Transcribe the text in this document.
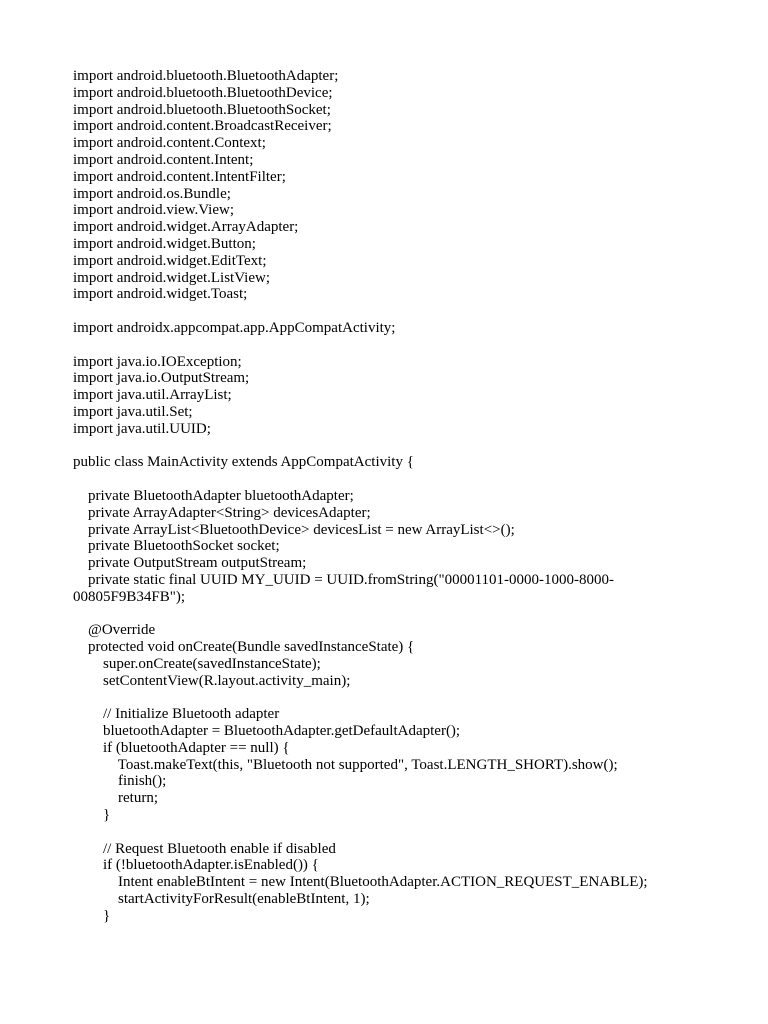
import android.bluetooth.BluetoothAdapter;
import android.bluetooth.BluetoothDevice;
import android.bluetooth.BluetoothSocket;
import android.content.BroadcastReceiver;
import android.content.Context;
import android.content.Intent;
import android.content.IntentFilter;
import android.os.Bundle;
import android.view.View;
import android.widget.ArrayAdapter;
import android.widget.Button;
import android.widget.EditText;
import android.widget.ListView;
import android.widget.Toast;
import androidx.appcompat.app.AppCompatActivity;
import java.io.IOException;
import java.io.OutputStream;
import java.util.ArrayList;
import java.util.Set;
import java.util.UUID;
public class MainActivity extends AppCompatActivity {
private BluetoothAdapter bluetoothAdapter;
private ArrayAdapter<String> devicesAdapter;
private ArrayList<BluetoothDevice> devicesList = new ArrayList<>();
private BluetoothSocket socket;
private OutputStream outputStream;
private static final UUID MY_UUID = UUID.fromString("00001101-0000-1000-8000-
00805F9B34FB");
@Override
protected void onCreate(Bundle savedInstanceState) {
super.onCreate(savedInstanceState);
setContentView(R.layout.activity_main);
// Initialize Bluetooth adapter
bluetoothAdapter = BluetoothAdapter.getDefaultAdapter();
if (bluetoothAdapter == null) {
Toast.makeText(this, "Bluetooth not supported", Toast.LENGTH_SHORT).show();
finish();
return;
}
// Request Bluetooth enable if disabled
if (!bluetoothAdapter.isEnabled()) {
Intent enableBtIntent = new Intent(BluetoothAdapter.ACTION_REQUEST_ENABLE);
startActivityForResult(enableBtIntent, 1);
}
